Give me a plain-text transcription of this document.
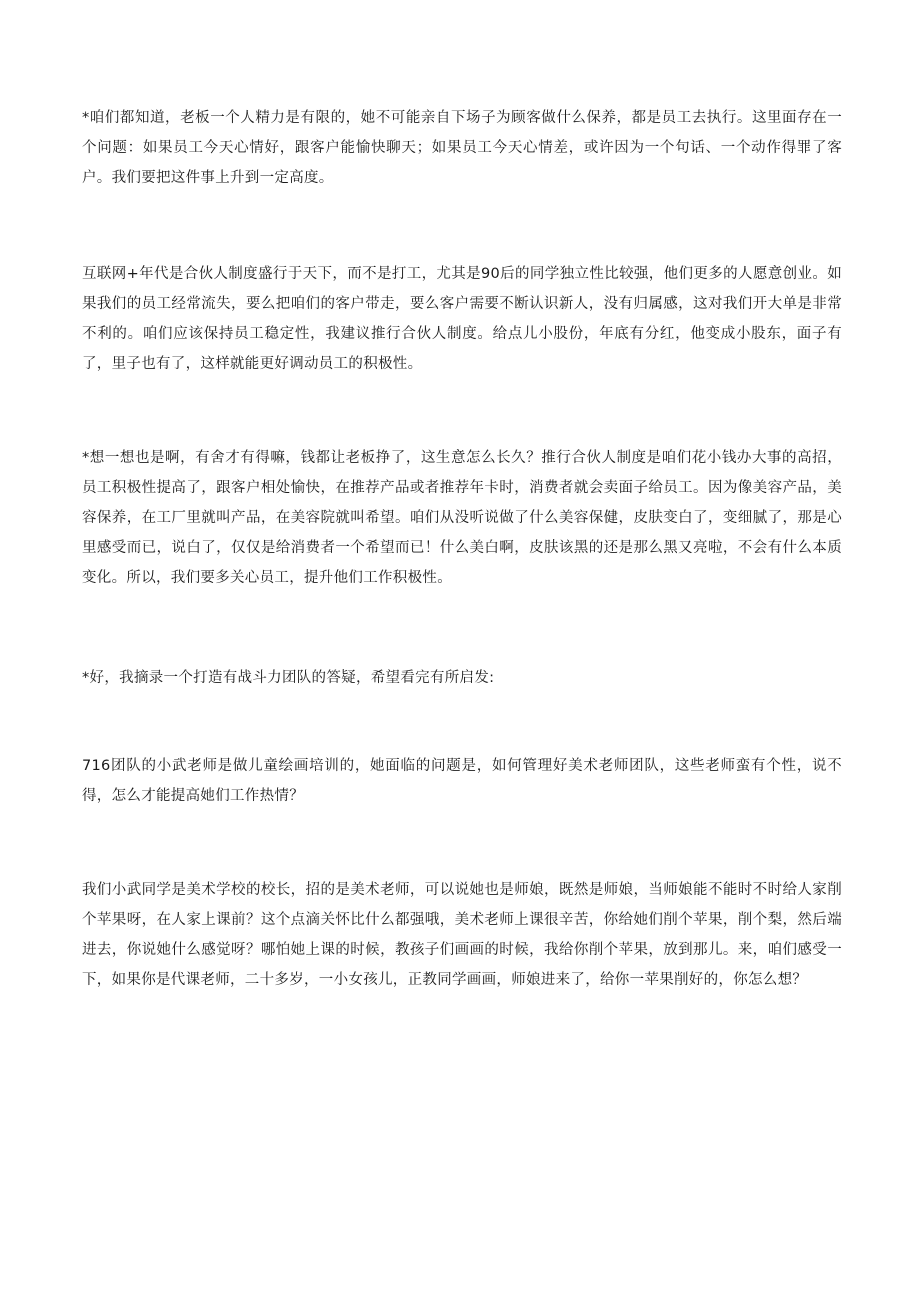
*咱们都知道，老板一个人精力是有限的，她不可能亲自下场子为顾客做什么保养，都是员工去执行。这里面存在一个问题：如果员工今天心情好，跟客户能愉快聊天；如果员工今天心情差，或许因为一个句话、一个动作得罪了客户。我们要把这件事上升到一定高度。

互联网+年代是合伙人制度盛行于天下，而不是打工，尤其是90后的同学独立性比较强，他们更多的人愿意创业。如果我们的员工经常流失，要么把咱们的客户带走，要么客户需要不断认识新人，没有归属感，这对我们开大单是非常不利的。咱们应该保持员工稳定性，我建议推行合伙人制度。给点儿小股份，年底有分红，他变成小股东，面子有了，里子也有了，这样就能更好调动员工的积极性。

*想一想也是啊，有舍才有得嘛，钱都让老板挣了，这生意怎么长久？推行合伙人制度是咱们花小钱办大事的高招，员工积极性提高了，跟客户相处愉快，在推荐产品或者推荐年卡时，消费者就会卖面子给员工。因为像美容产品，美容保养，在工厂里就叫产品，在美容院就叫希望。咱们从没听说做了什么美容保健，皮肤变白了，变细腻了，那是心里感受而已，说白了，仅仅是给消费者一个希望而已！什么美白啊，皮肤该黑的还是那么黑又亮啦，不会有什么本质变化。所以，我们要多关心员工，提升他们工作积极性。

*好，我摘录一个打造有战斗力团队的答疑，希望看完有所启发:

716团队的小武老师是做儿童绘画培训的，她面临的问题是，如何管理好美术老师团队，这些老师蛮有个性，说不得，怎么才能提高她们工作热情？

我们小武同学是美术学校的校长，招的是美术老师，可以说她也是师娘，既然是师娘，当师娘能不能时不时给人家削个苹果呀，在人家上课前？这个点滴关怀比什么都强哦，美术老师上课很辛苦，你给她们削个苹果，削个梨，然后端进去，你说她什么感觉呀？哪怕她上课的时候，教孩子们画画的时候，我给你削个苹果，放到那儿。来，咱们感受一下，如果你是代课老师，二十多岁，一小女孩儿，正教同学画画，师娘进来了，给你一苹果削好的，你怎么想？
